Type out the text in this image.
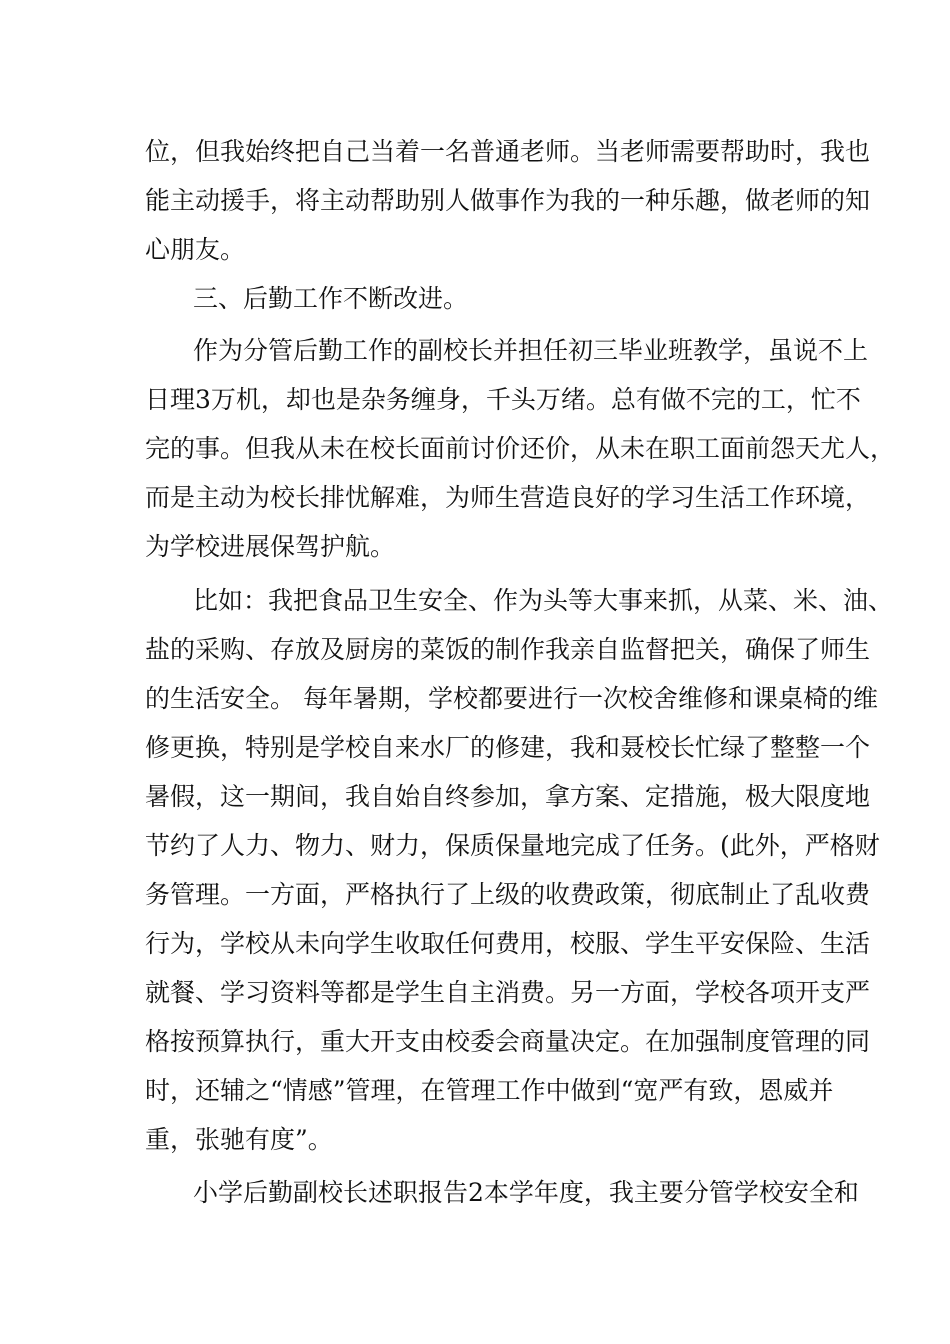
位，但我始终把自己当着一名普通老师。当老师需要帮助时，我也
能主动援手，将主动帮助别人做事作为我的一种乐趣，做老师的知
心朋友。
三、后勤工作不断改进。
作为分管后勤工作的副校长并担任初三毕业班教学，虽说不上
日理3万机，却也是杂务缠身，千头万绪。总有做不完的工，忙不
完的事。但我从未在校长面前讨价还价，从未在职工面前怨天尤人，
而是主动为校长排忧解难，为师生营造良好的学习生活工作环境，
为学校进展保驾护航。
比如：我把食品卫生安全、作为头等大事来抓，从菜、米、油、
盐的采购、存放及厨房的菜饭的制作我亲自监督把关，确保了师生
的生活安全。 每年暑期，学校都要进行一次校舍维修和课桌椅的维
修更换，特别是学校自来水厂的修建，我和聂校长忙绿了整整一个
暑假，这一期间，我自始自终参加，拿方案、定措施，极大限度地
节约了人力、物力、财力，保质保量地完成了任务。(此外，严格财
务管理。一方面，严格执行了上级的收费政策，彻底制止了乱收费
行为，学校从未向学生收取任何费用，校服、学生平安保险、生活
就餐、学习资料等都是学生自主消费。另一方面，学校各项开支严
格按预算执行，重大开支由校委会商量决定。在加强制度管理的同
时，还辅之“情感”管理，在管理工作中做到“宽严有致，恩威并
重，张驰有度”。
小学后勤副校长述职报告2本学年度，我主要分管学校安全和
